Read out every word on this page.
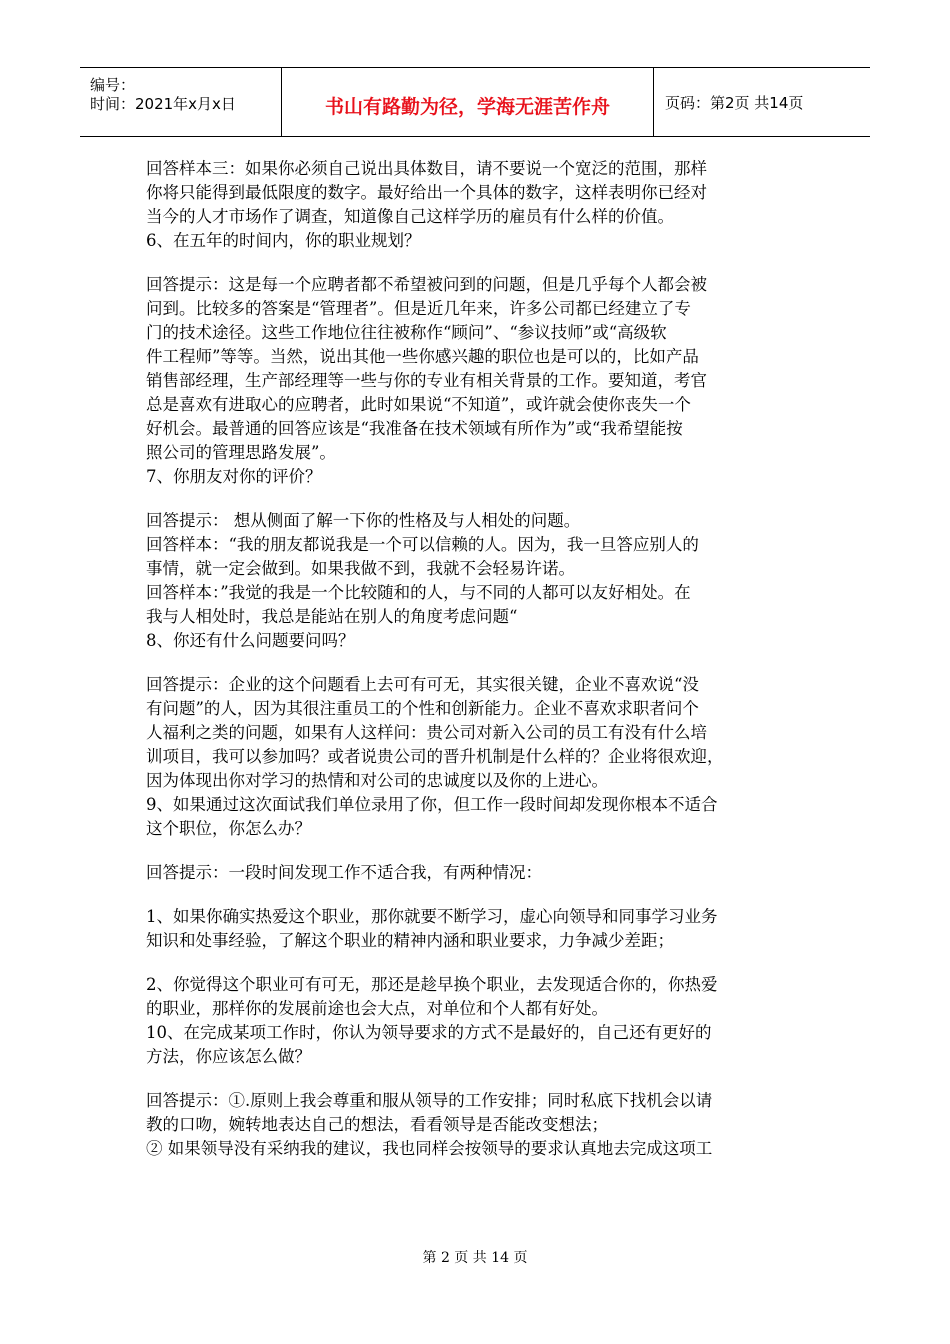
编号：
时间：2021年x月x日	书山有路勤为径，学海无涯苦作舟	页码：第2页 共14页
回答样本三：如果你必须自己说出具体数目，请不要说一个宽泛的范围，那样
你将只能得到最低限度的数字。最好给出一个具体的数字，这样表明你已经对
当今的人才市场作了调查，知道像自己这样学历的雇员有什么样的价值。
6、在五年的时间内，你的职业规划？
回答提示：这是每一个应聘者都不希望被问到的问题，但是几乎每个人都会被
问到。比较多的答案是“管理者”。但是近几年来，许多公司都已经建立了专
门的技术途径。这些工作地位往往被称作“顾问”、“参议技师”或“高级软
件工程师”等等。当然，说出其他一些你感兴趣的职位也是可以的，比如产品
销售部经理，生产部经理等一些与你的专业有相关背景的工作。要知道，考官
总是喜欢有进取心的应聘者，此时如果说“不知道”，或许就会使你丧失一个
好机会。最普通的回答应该是“我准备在技术领域有所作为”或“我希望能按
照公司的管理思路发展”。
7、你朋友对你的评价？
回答提示： 想从侧面了解一下你的性格及与人相处的问题。
回答样本：“我的朋友都说我是一个可以信赖的人。因为，我一旦答应别人的
事情，就一定会做到。如果我做不到，我就不会轻易许诺。
回答样本：”我觉的我是一个比较随和的人，与不同的人都可以友好相处。在
我与人相处时，我总是能站在别人的角度考虑问题“
8、你还有什么问题要问吗？
回答提示：企业的这个问题看上去可有可无，其实很关键，企业不喜欢说“没
有问题”的人，因为其很注重员工的个性和创新能力。企业不喜欢求职者问个
人福利之类的问题，如果有人这样问：贵公司对新入公司的员工有没有什么培
训项目，我可以参加吗？或者说贵公司的晋升机制是什么样的？企业将很欢迎，
因为体现出你对学习的热情和对公司的忠诚度以及你的上进心。
9、如果通过这次面试我们单位录用了你，但工作一段时间却发现你根本不适合
这个职位，你怎么办？
回答提示：一段时间发现工作不适合我，有两种情况：
1、如果你确实热爱这个职业，那你就要不断学习，虚心向领导和同事学习业务
知识和处事经验，了解这个职业的精神内涵和职业要求，力争减少差距；
2、你觉得这个职业可有可无，那还是趁早换个职业，去发现适合你的，你热爱
的职业，那样你的发展前途也会大点，对单位和个人都有好处。
10、在完成某项工作时，你认为领导要求的方式不是最好的，自己还有更好的
方法，你应该怎么做？
回答提示：①.原则上我会尊重和服从领导的工作安排；同时私底下找机会以请
教的口吻，婉转地表达自己的想法，看看领导是否能改变想法；
② 如果领导没有采纳我的建议，我也同样会按领导的要求认真地去完成这项工
第 2 页 共 14 页
